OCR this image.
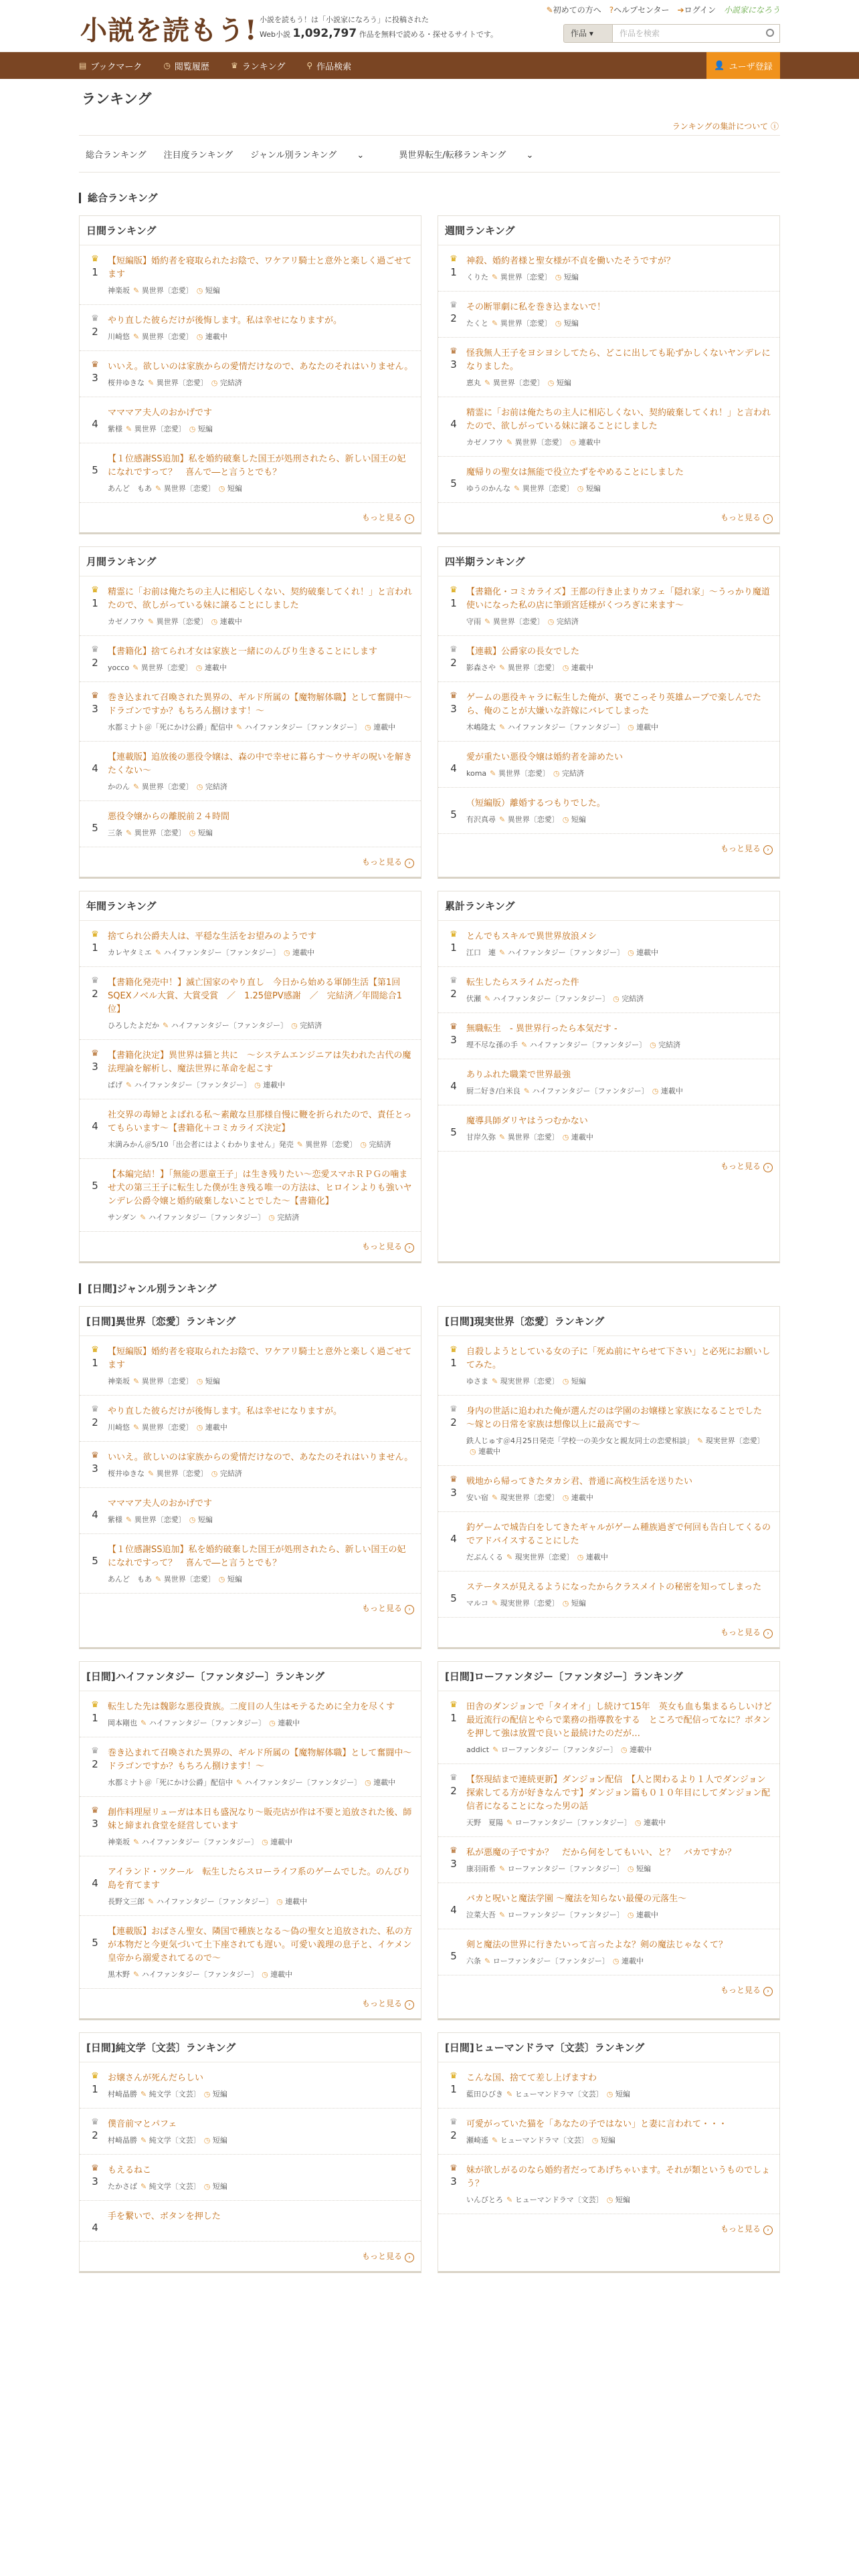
小説を読もう! 小説を読もう！は「小説家になろう」に投稿された
Web小説 1,092,797 作品を無料で読める・探せるサイトです。
✎初めての方へ ?ヘルプセンター ➔ログイン 小説家になろう
作品 ▾	作品を検索
▤ ブックマーク	◷ 閲覧履歴	♛ ランキング	⚲ 作品検索	👤 ユーザ登録
ランキング
ランキングの集計について ⓘ
総合ランキング 注目度ランキング ジャンル別ランキング ⌄	異世界転生/転移ランキング ⌄
総合ランキング
日間ランキング
♛
1
【短編版】婚約者を寝取られたお陰で、ワケアリ騎士と意外と楽しく過ごせてます
神楽坂 ✎ 異世界〔恋愛〕 ◷ 短編
♛
2
やり直した彼らだけが後悔します。私は幸せになりますが。
川崎悠 ✎ 異世界〔恋愛〕 ◷ 連載中
♛
3
いいえ。欲しいのは家族からの愛情だけなので、あなたのそれはいりません。
桜井ゆきな ✎ 異世界〔恋愛〕 ◷ 完結済
4
マママア夫人のおかげです
紫様 ✎ 異世界〔恋愛〕 ◷ 短編
5
【１位感謝SS追加】私を婚約破棄した国王が処刑されたら、新しい国王の妃になれですって？　喜んで―と言うとでも？
あんど　もあ ✎ 異世界〔恋愛〕 ◷ 短編
もっと見る ›
週間ランキング
♛
1
神殺、婚約者様と聖女様が不貞を働いたそうですが？
くりた ✎ 異世界〔恋愛〕 ◷ 短編
♛
2
その断罪劇に私を巻き込まないで！
たくと ✎ 異世界〔恋愛〕 ◷ 短編
♛
3
怪我無人王子をヨシヨシしてたら、どこに出しても恥ずかしくないヤンデレになりました。
恵丸 ✎ 異世界〔恋愛〕 ◷ 短編
4
精霊に「お前は俺たちの主人に相応しくない、契約破棄してくれ！」と言われたので、欲しがっている妹に譲ることにしました
カゼノフウ ✎ 異世界〔恋愛〕 ◷ 連載中
5
魔帰りの聖女は無能で役立たずをやめることにしました
ゆうのかんな ✎ 異世界〔恋愛〕 ◷ 短編
もっと見る ›
月間ランキング
♛
1
精霊に「お前は俺たちの主人に相応しくない、契約破棄してくれ！」と言われたので、欲しがっている妹に譲ることにしました
カゼノフウ ✎ 異世界〔恋愛〕 ◷ 連載中
♛
2
【書籍化】捨てられ才女は家族と一緒にのんびり生きることにします
yocco ✎ 異世界〔恋愛〕 ◷ 連載中
♛
3
巻き込まれて召喚された異界の、ギルド所属の【魔物解体職】として奮闘中～ドラゴンですか？もちろん捌けます！～
水都ミナト＠「死にかけ公爵」配信中 ✎ ハイファンタジー〔ファンタジー〕 ◷ 連載中
4
【連載版】追放後の悪役令嬢は、森の中で幸せに暮らす～ウサギの呪いを解きたくない～
かのん ✎ 異世界〔恋愛〕 ◷ 完結済
5
悪役令嬢からの離脱前２４時間
三条 ✎ 異世界〔恋愛〕 ◷ 短編
もっと見る ›
四半期ランキング
♛
1
【書籍化・コミカライズ】王都の行き止まりカフェ「隠れ家」～うっかり魔道使いになった私の店に筆頭宮廷様がくつろぎに来ます～
守雨 ✎ 異世界〔恋愛〕 ◷ 完結済
♛
2
【連載】公爵家の長女でした
影森さや ✎ 異世界〔恋愛〕 ◷ 連載中
♛
3
ゲームの悪役キャラに転生した俺が、裏でこっそり英雄ムーブで楽しんでたら、俺のことが大嫌いな許嫁にバレてしまった
木嶋隆太 ✎ ハイファンタジー〔ファンタジー〕 ◷ 連載中
4
愛が重たい悪役令嬢は婚約者を諦めたい
koma ✎ 異世界〔恋愛〕 ◷ 完結済
5
（短編版）離婚するつもりでした。
有沢真尋 ✎ 異世界〔恋愛〕 ◷ 短編
もっと見る ›
年間ランキング
♛
1
捨てられ公爵夫人は、平穏な生活をお望みのようです
カレヤタミエ ✎ ハイファンタジー〔ファンタジー〕 ◷ 連載中
♛
2
【書籍化発売中！】滅亡国家のやり直し　今日から始める軍師生活【第1回SQEXノベル大賞、大賞受賞　／　1.25億PV感謝　／　完結済／年間総合1位】
ひろしたよだか ✎ ハイファンタジー〔ファンタジー〕 ◷ 完結済
♛
3
【書籍化決定】異世界は猫と共に　～システムエンジニアは失われた古代の魔法理論を解析し、魔法世界に革命を起こす
ぱげ ✎ ハイファンタジー〔ファンタジー〕 ◷ 連載中
4
社交界の毒婦とよばれる私～素敵な旦那様自慢に鞭を折られたので、責任とってもらいます～【書籍化＋コミカライズ決定】
末満みかん＠5/10「出会者にはよくわかりません」発売 ✎ 異世界〔恋愛〕 ◷ 完結済
5
【本編完結！】「無能の悪童王子」は生き残りたい～恋愛スマホＲＰＧの噛ませ犬の第三王子に転生した僕が生き残る唯一の方法は、ヒロインよりも強いヤンデレ公爵令嬢と婚約破棄しないことでした～【書籍化】
サンダン ✎ ハイファンタジー〔ファンタジー〕 ◷ 完結済
もっと見る ›
累計ランキング
♛
1
とんでもスキルで異世界放浪メシ
江口　連 ✎ ハイファンタジー〔ファンタジー〕 ◷ 連載中
♛
2
転生したらスライムだった件
伏瀬 ✎ ハイファンタジー〔ファンタジー〕 ◷ 完結済
♛
3
無職転生　- 異世界行ったら本気だす -
理不尽な孫の手 ✎ ハイファンタジー〔ファンタジー〕 ◷ 完結済
4
ありふれた職業で世界最強
厨二好き/白米良 ✎ ハイファンタジー〔ファンタジー〕 ◷ 連載中
5
魔導具師ダリヤはうつむかない
甘岸久弥 ✎ 異世界〔恋愛〕 ◷ 連載中
もっと見る ›
[日間]ジャンル別ランキング
[日間]異世界〔恋愛〕ランキング
♛
1
【短編版】婚約者を寝取られたお陰で、ワケアリ騎士と意外と楽しく過ごせてます
神楽坂 ✎ 異世界〔恋愛〕 ◷ 短編
♛
2
やり直した彼らだけが後悔します。私は幸せになりますが。
川崎悠 ✎ 異世界〔恋愛〕 ◷ 連載中
♛
3
いいえ。欲しいのは家族からの愛情だけなので、あなたのそれはいりません。
桜井ゆきな ✎ 異世界〔恋愛〕 ◷ 完結済
4
マママア夫人のおかげです
紫様 ✎ 異世界〔恋愛〕 ◷ 短編
5
【１位感謝SS追加】私を婚約破棄した国王が処刑されたら、新しい国王の妃になれですって？　喜んで―と言うとでも？
あんど　もあ ✎ 異世界〔恋愛〕 ◷ 短編
もっと見る ›
[日間]現実世界〔恋愛〕ランキング
♛
1
自殺しようとしている女の子に「死ぬ前にヤらせて下さい」と必死にお願いしてみた。
ゆさま ✎ 現実世界〔恋愛〕 ◷ 短編
♛
2
身内の世話に追われた俺が選んだのは学園のお嬢様と家族になることでした ～嫁との日常を家族は想像以上に最高です～
鉄人じゅす＠4月25日発売「学校一の美少女と親友同士の恋愛相談」 ✎ 現実世界〔恋愛〕◷ 連載中
♛
3
戦地から帰ってきたタカシ君、普通に高校生活を送りたい
安い宿 ✎ 現実世界〔恋愛〕 ◷ 連載中
4
釣ゲームで城告白をしてきたギャルがゲーム種族過ぎで何回も告白してくるのでアドバイスすることにした
だぶんくる ✎ 現実世界〔恋愛〕 ◷ 連載中
5
ステータスが見えるようになったからクラスメイトの秘密を知ってしまった
マルコ ✎ 現実世界〔恋愛〕 ◷ 短編
もっと見る ›
[日間]ハイファンタジー〔ファンタジー〕ランキング
♛
1
転生した先は魏影な悪役貴族。二度目の人生はモテるために全力を尽くす
岡本剛也 ✎ ハイファンタジー〔ファンタジー〕 ◷ 連載中
♛
2
巻き込まれて召喚された異界の、ギルド所属の【魔物解体職】として奮闘中～ドラゴンですか？もちろん捌けます！～
水都ミナト＠「死にかけ公爵」配信中 ✎ ハイファンタジー〔ファンタジー〕 ◷ 連載中
♛
3
創作料理屋リューガは本日も盛況なり～販売店が作は不要と追放された後、師妹と締まれ食堂を経営しています
神楽坂 ✎ ハイファンタジー〔ファンタジー〕 ◷ 連載中
4
アイランド・ツクール　転生したらスローライフ系のゲームでした。のんびり島を育てます
長野文三郎 ✎ ハイファンタジー〔ファンタジー〕 ◷ 連載中
5
【連載版】おばさん聖女、隣国で種族となる～偽の聖女と追放された、私の方が本物だと今更気づいて土下座されても遅い。可愛い義理の息子と、イケメン皇帝から溺愛されてるので～
黒木野 ✎ ハイファンタジー〔ファンタジー〕 ◷ 連載中
もっと見る ›
[日間]ローファンタジー〔ファンタジー〕ランキング
♛
1
田舎のダンジョンで「タイオイ」し続けて15年　英女も血も集まるらしいけど最近流行の配信とやらで業務の指導教をする　ところで配信ってなに？ボタンを押して強は放置で良いと最続けたのだが…
addict ✎ ローファンタジー〔ファンタジー〕 ◷ 連載中
♛
2
【祭現結まで連続更新】ダンジョン配信　【人と関わるより１人でダンジョン探索してる方が好きなんです】ダンジョン篇も０１０年目にしてダンジョン配信者になることになった男の話
天野　夏陽 ✎ ローファンタジー〔ファンタジー〕 ◷ 連載中
♛
3
私が悪魔の子ですか？　だから何をしてもいい、と？　バカですか？
康羽雨希 ✎ ローファンタジー〔ファンタジー〕 ◷ 短編
4
バカと呪いと魔法学園 ～魔法を知らない最優の元落生～
泣菜大吾 ✎ ローファンタジー〔ファンタジー〕 ◷ 連載中
5
剣と魔法の世界に行きたいって言ったよな？剣の魔法じゃなくて？
六条 ✎ ローファンタジー〔ファンタジー〕 ◷ 連載中
もっと見る ›
[日間]純文学〔文芸〕ランキング
♛
1
お嬢さんが死んだらしい
村崎晶勝 ✎ 純文学〔文芸〕 ◷ 短編
♛
2
僕音前マとパフェ
村崎晶勝 ✎ 純文学〔文芸〕 ◷ 短編
♛
3
もえるねこ
たかさば ✎ 純文学〔文芸〕 ◷ 短編
4
手を繋いで、ボタンを押した
もっと見る ›
[日間]ヒューマンドラマ〔文芸〕ランキング
♛
1
こんな国、捨てて差し上げますわ
藍田ひびき ✎ ヒューマンドラマ〔文芸〕 ◷ 短編
♛
2
可愛がっていた猫を「あなたの子ではない」と妻に言われて・・・
瀬崎遙 ✎ ヒューマンドラマ〔文芸〕 ◷ 短編
♛
3
妹が欲しがるのなら婚約者だってあげちゃいます。それが類というものでしょう？
いんびとろ ✎ ヒューマンドラマ〔文芸〕 ◷ 短編
もっと見る ›
